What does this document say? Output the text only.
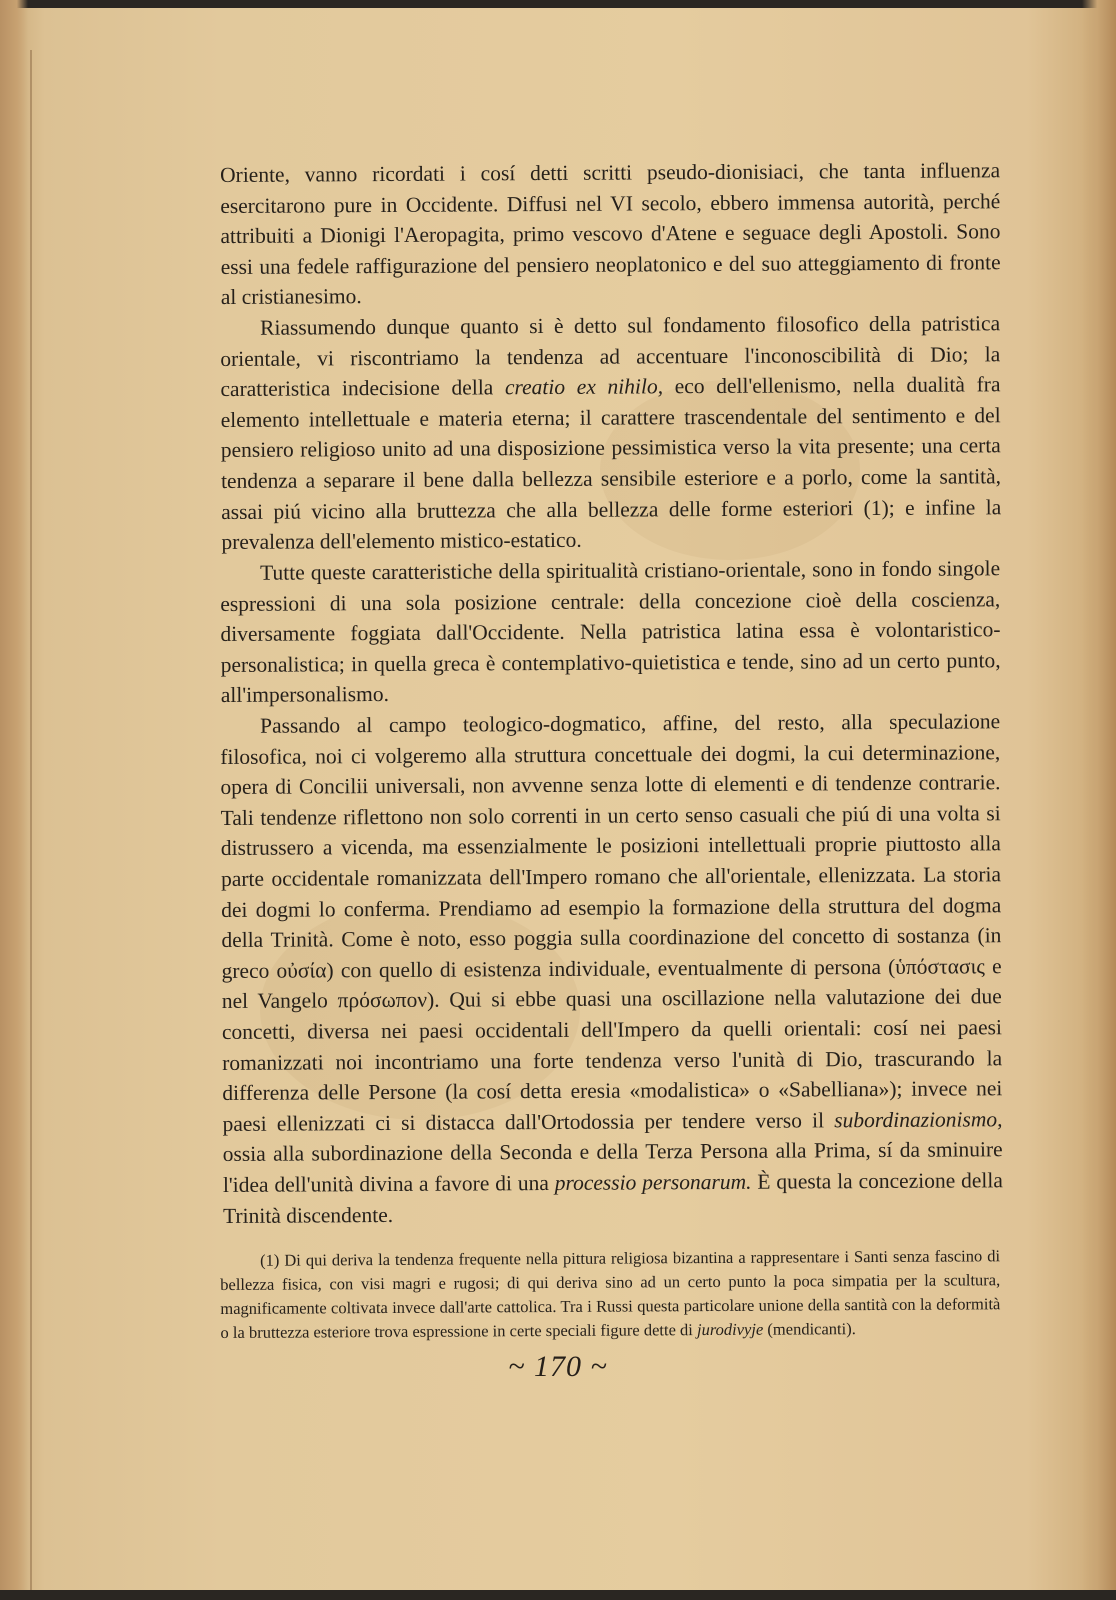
Oriente, vanno ricordati i cosí detti scritti pseudo-dionisiaci, che tanta influenza esercitarono pure in Occidente. Diffusi nel VI secolo, ebbero immensa autorità, perché attribuiti a Dionigi l'Aeropagita, primo vescovo d'Atene e seguace degli Apostoli. Sono essi una fedele raffigurazione del pensiero neoplatonico e del suo atteggiamento di fronte al cristianesimo.

Riassumendo dunque quanto si è detto sul fondamento filosofico della patristica orientale, vi riscontriamo la tendenza ad accentuare l'inconoscibilità di Dio; la caratteristica indecisione della creatio ex nihilo, eco dell'ellenismo, nella dualità fra elemento intellettuale e materia eterna; il carattere trascendentale del sentimento e del pensiero religioso unito ad una disposizione pessimistica verso la vita presente; una certa tendenza a separare il bene dalla bellezza sensibile esteriore e a porlo, come la santità, assai piú vicino alla bruttezza che alla bellezza delle forme esteriori (1); e infine la prevalenza dell'elemento mistico-estatico.

Tutte queste caratteristiche della spiritualità cristiano-orientale, sono in fondo singole espressioni di una sola posizione centrale: della concezione cioè della coscienza, diversamente foggiata dall'Occidente. Nella patristica latina essa è volontaristico-personalistica; in quella greca è contemplativo-quietistica e tende, sino ad un certo punto, all'impersonalismo.

Passando al campo teologico-dogmatico, affine, del resto, alla speculazione filosofica, noi ci volgeremo alla struttura concettuale dei dogmi, la cui determinazione, opera di Concilii universali, non avvenne senza lotte di elementi e di tendenze contrarie. Tali tendenze riflettono non solo correnti in un certo senso casuali che piú di una volta si distrussero a vicenda, ma essenzialmente le posizioni intellettuali proprie piuttosto alla parte occidentale romanizzata dell'Impero romano che all'orientale, ellenizzata. La storia dei dogmi lo conferma. Prendiamo ad esempio la formazione della struttura del dogma della Trinità. Come è noto, esso poggia sulla coordinazione del concetto di sostanza (in greco οὐσία) con quello di esistenza individuale, eventualmente di persona (ὑπόστασις e nel Vangelo πρόσωπον). Qui si ebbe quasi una oscillazione nella valutazione dei due concetti, diversa nei paesi occidentali dell'Impero da quelli orientali: cosí nei paesi romanizzati noi incontriamo una forte tendenza verso l'unità di Dio, trascurando la differenza delle Persone (la cosí detta eresia «modalistica» o «Sabelliana»); invece nei paesi ellenizzati ci si distacca dall'Ortodossia per tendere verso il subordinazionismo, ossia alla subordinazione della Seconda e della Terza Persona alla Prima, sí da sminuire l'idea dell'unità divina a favore di una processio personarum. È questa la concezione della Trinità discendente.

(1) Di qui deriva la tendenza frequente nella pittura religiosa bizantina a rappresentare i Santi senza fascino di bellezza fisica, con visi magri e rugosi; di qui deriva sino ad un certo punto la poca simpatia per la scultura, magnificamente coltivata invece dall'arte cattolica. Tra i Russi questa particolare unione della santità con la deformità o la bruttezza esteriore trova espressione in certe speciali figure dette di jurodivyje (mendicanti).

~ 170 ~
